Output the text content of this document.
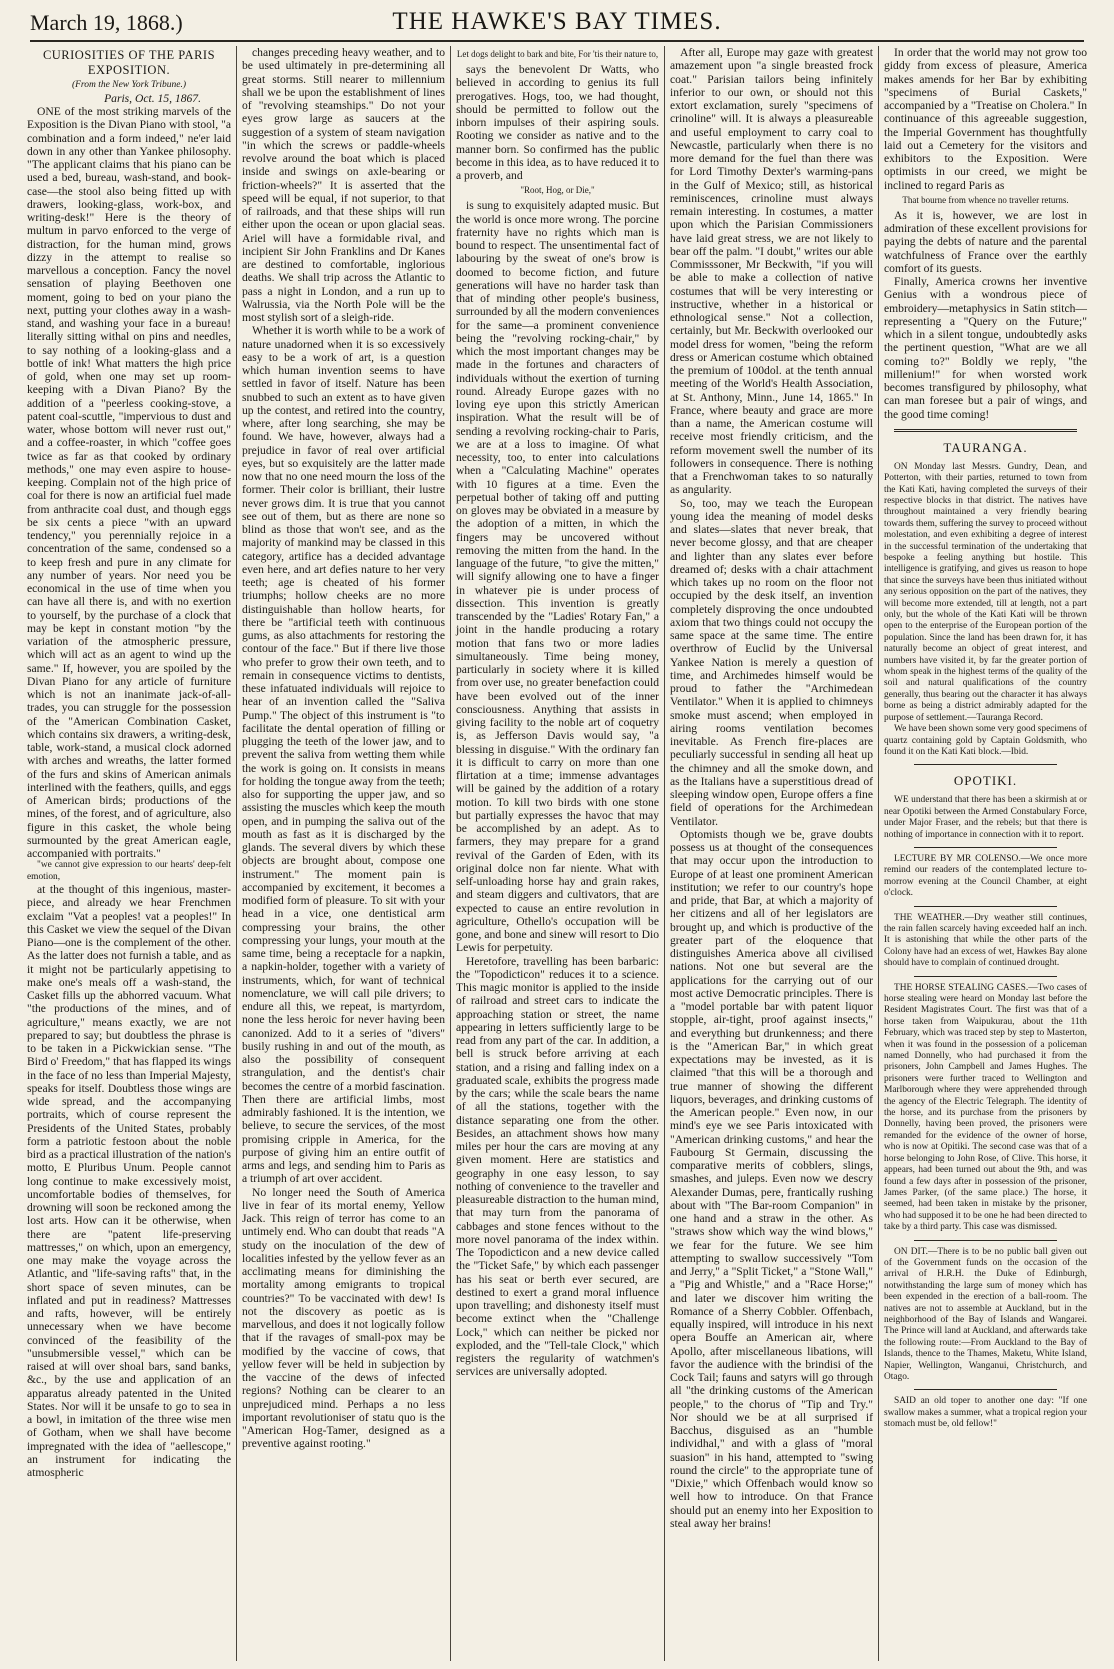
March 19, 1868.)	THE HAWKE'S BAY TIMES.
CURIOSITIES OF THE PARIS EXPOSITION.
(From the New York Tribune.)
Paris, Oct. 15, 1867.

ONE of the most striking marvels of the Exposition is the Divan Piano with stool, "a combination and a form indeed," ne'er laid down in any other than Yankee philosophy. "The applicant claims that his piano can be used a bed, bureau, wash-stand, and book-case—the stool also being fitted up with drawers, looking-glass, work-box, and writing-desk!" Here is the theory of multum in parvo enforced to the verge of distraction, for the human mind, grows dizzy in the attempt to realise so marvellous a conception. Fancy the novel sensation of playing Beethoven one moment, going to bed on your piano the next, putting your clothes away in a wash-stand, and washing your face in a bureau! literally sitting withal on pins and needles, to say nothing of a looking-glass and a bottle of ink! What matters the high price of gold, when one may set up room-keeping with a Divan Piano? By the addition of a "peerless cooking-stove, a patent coal-scuttle, "impervious to dust and water, whose bottom will never rust out," and a coffee-roaster, in which "coffee goes twice as far as that cooked by ordinary methods," one may even aspire to house-keeping. Complain not of the high price of coal for there is now an artificial fuel made from anthracite coal dust, and though eggs be six cents a piece "with an upward tendency," you perennially rejoice in a concentration of the same, condensed so a to keep fresh and pure in any climate for any number of years. Nor need you be economical in the use of time when you can have all there is, and with no exertion to yourself, by the purchase of a clock that may be kept in constant motion "by the variation of the atmospheric pressure, which will act as an agent to wind up the same." If, however, you are spoiled by the Divan Piano for any article of furniture which is not an inanimate jack-of-all-trades, you can struggle for the possession of the "American Combination Casket, which contains six drawers, a writing-desk, table, work-stand, a musical clock adorned with arches and wreaths, the latter formed of the furs and skins of American animals interlined with the feathers, quills, and eggs of American birds; productions of the mines, of the forest, and of agriculture, also figure in this casket, the whole being surmounted by the great American eagle, accompanied with portraits."

"we cannot give expression to our hearts' deep-felt emotion,

at the thought of this ingenious, master-piece, and already we hear Frenchmen exclaim "Vat a peoples! vat a peoples!" In this Casket we view the sequel of the Divan Piano—one is the complement of the other. As the latter does not furnish a table, and as it might not be particularly appetising to make one's meals off a wash-stand, the Casket fills up the abhorred vacuum. What "the productions of the mines, and of agriculture," means exactly, we are not prepared to say; but doubtless the phrase is to be taken in a Pickwickian sense. "The Bird o' Freedom," that has flapped its wings in the face of no less than Imperial Majesty, speaks for itself. Doubtless those wings are wide spread, and the accompanying portraits, which of course represent the Presidents of the United States, probably form a patriotic festoon about the noble bird as a practical illustration of the nation's motto, E Pluribus Unum. People cannot long continue to make excessively moist, uncomfortable bodies of themselves, for drowning will soon be reckoned among the lost arts. How can it be otherwise, when there are "patent life-preserving mattresses," on which, upon an emergency, one may make the voyage across the Atlantic, and "life-saving rafts" that, in the short space of seven minutes, can be inflated and put in readiness? Mattresses and rafts, however, will be entirely unnecessary when we have become convinced of the feasibility of the "unsubmersible vessel," which can be raised at will over shoal bars, sand banks, &c., by the use and application of an apparatus already patented in the United States. Nor will it be unsafe to go to sea in a bowl, in imitation of the three wise men of Gotham, when we shall have become impregnated with the idea of "aellescope," an instrument for indicating the atmospheric

changes preceding heavy weather, and to be used ultimately in pre-determining all great storms. Still nearer to millennium shall we be upon the establishment of lines of "revolving steamships." Do not your eyes grow large as saucers at the suggestion of a system of steam navigation "in which the screws or paddle-wheels revolve around the boat which is placed inside and swings on axle-bearing or friction-wheels?" It is asserted that the speed will be equal, if not superior, to that of railroads, and that these ships will run either upon the ocean or upon glacial seas. Ariel will have a formidable rival, and incipient Sir John Franklins and Dr Kanes are destined to comfortable, inglorious deaths. We shall trip across the Atlantic to pass a night in London, and a run up to Walrussia, via the North Pole will be the most stylish sort of a sleigh-ride.

Whether it is worth while to be a work of nature unadorned when it is so excessively easy to be a work of art, is a question which human invention seems to have settled in favor of itself. Nature has been snubbed to such an extent as to have given up the contest, and retired into the country, where, after long searching, she may be found. We have, however, always had a prejudice in favor of real over artificial eyes, but so exquisitely are the latter made now that no one need mourn the loss of the former. Their color is brilliant, their lustre never grows dim. It is true that you cannot see out of them, but as there are none so blind as those that won't see, and as the majority of mankind may be classed in this category, artifice has a decided advantage even here, and art defies nature to her very teeth; age is cheated of his former triumphs; hollow cheeks are no more distinguishable than hollow hearts, for there be "artificial teeth with continuous gums, as also attachments for restoring the contour of the face." But if there live those who prefer to grow their own teeth, and to remain in consequence victims to dentists, these infatuated individuals will rejoice to hear of an invention called the "Saliva Pump." The object of this instrument is "to facilitate the dental operation of filling or plugging the teeth of the lower jaw, and to prevent the saliva from wetting them while the work is going on. It consists in means for holding the tongue away from the teeth; also for supporting the upper jaw, and so assisting the muscles which keep the mouth open, and in pumping the saliva out of the mouth as fast as it is discharged by the glands. The several divers by which these objects are brought about, compose one instrument." The moment pain is accompanied by excitement, it becomes a modified form of pleasure. To sit with your head in a vice, one dentistical arm compressing your brains, the other compressing your lungs, your mouth at the same time, being a receptacle for a napkin, a napkin-holder, together with a variety of instruments, which, for want of technical nomenclature, we will call pile drivers; to endure all this, we repeat, is martyrdom, none the less heroic for never having been canonized. Add to it a series of "divers" busily rushing in and out of the mouth, as also the possibility of consequent strangulation, and the dentist's chair becomes the centre of a morbid fascination. Then there are artificial limbs, most admirably fashioned. It is the intention, we believe, to secure the services, of the most promising cripple in America, for the purpose of giving him an entire outfit of arms and legs, and sending him to Paris as a triumph of art over accident.

No longer need the South of America live in fear of its mortal enemy, Yellow Jack. This reign of terror has come to an untimely end. Who can doubt that reads "A study on the inoculation of the dew of localities infested by the yellow fever as an acclimating means for diminishing the mortality among emigrants to tropical countries?" To be vaccinated with dew! Is not the discovery as poetic as is marvellous, and does it not logically follow that if the ravages of small-pox may be modified by the vaccine of cows, that yellow fever will be held in subjection by the vaccine of the dews of infected regions? Nothing can be clearer to an unprejudiced mind. Perhaps a no less important revolutioniser of statu quo is the "American Hog-Tamer, designed as a preventive against rooting."

Let dogs delight to bark and bite, For 'tis their nature to,

says the benevolent Dr Watts, who believed in according to genius its full prerogatives. Hogs, too, we had thought, should be permitted to follow out the inborn impulses of their aspiring souls. Rooting we consider as native and to the manner born. So confirmed has the public become in this idea, as to have reduced it to a proverb, and

"Root, Hog, or Die,"

is sung to exquisitely adapted music. But the world is once more wrong. The porcine fraternity have no rights which man is bound to respect. The unsentimental fact of labouring by the sweat of one's brow is doomed to become fiction, and future generations will have no harder task than that of minding other people's business, surrounded by all the modern conveniences for the same—a prominent convenience being the "revolving rocking-chair," by which the most important changes may be made in the fortunes and characters of individuals without the exertion of turning round. Already Europe gazes with no loving eye upon this strictly American inspiration. What the result will be of sending a revolving rocking-chair to Paris, we are at a loss to imagine. Of what necessity, too, to enter into calculations when a "Calculating Machine" operates with 10 figures at a time. Even the perpetual bother of taking off and putting on gloves may be obviated in a measure by the adoption of a mitten, in which the fingers may be uncovered without removing the mitten from the hand. In the language of the future, "to give the mitten," will signify allowing one to have a finger in whatever pie is under process of dissection. This invention is greatly transcended by the "Ladies' Rotary Fan," a joint in the handle producing a rotary motion that fans two or more ladies simultaneously. Time being money, particularly in society where it is killed from over use, no greater benefaction could have been evolved out of the inner consciousness. Anything that assists in giving facility to the noble art of coquetry is, as Jefferson Davis would say, "a blessing in disguise." With the ordinary fan it is difficult to carry on more than one flirtation at a time; immense advantages will be gained by the addition of a rotary motion. To kill two birds with one stone but partially expresses the havoc that may be accomplished by an adept. As to farmers, they may prepare for a grand revival of the Garden of Eden, with its original dolce non far niente. What with self-unloading horse hay and grain rakes, and steam diggers and cultivators, that are expected to cause an entire revolution in agriculture, Othello's occupation will be gone, and bone and sinew will resort to Dio Lewis for perpetuity.

Heretofore, travelling has been barbaric: the "Topodicticon" reduces it to a science. This magic monitor is applied to the inside of railroad and street cars to indicate the approaching station or street, the name appearing in letters sufficiently large to be read from any part of the car. In addition, a bell is struck before arriving at each station, and a rising and falling index on a graduated scale, exhibits the progress made by the cars; while the scale bears the name of all the stations, together with the distance separating one from the other. Besides, an attachment shows how many miles per hour the cars are moving at any given moment. Here are statistics and geography in one easy lesson, to say nothing of convenience to the traveller and pleasureable distraction to the human mind, that may turn from the panorama of cabbages and stone fences without to the more novel panorama of the index within. The Topodicticon and a new device called the "Ticket Safe," by which each passenger has his seat or berth ever secured, are destined to exert a grand moral influence upon travelling; and dishonesty itself must become extinct when the "Challenge Lock," which can neither be picked nor exploded, and the "Tell-tale Clock," which registers the regularity of watchmen's services are universally adopted.

After all, Europe may gaze with greatest amazement upon "a single breasted frock coat." Parisian tailors being infinitely inferior to our own, or should not this extort exclamation, surely "specimens of crinoline" will. It is always a pleasureable and useful employment to carry coal to Newcastle, particularly when there is no more demand for the fuel than there was for Lord Timothy Dexter's warming-pans in the Gulf of Mexico; still, as historical reminiscences, crinoline must always remain interesting. In costumes, a matter upon which the Parisian Commissioners have laid great stress, we are not likely to bear off the palm. "I doubt," writes our able Commisssoner, Mr Beckwith, "if you will be able to make a collection of native costumes that will be very interesting or instructive, whether in a historical or ethnological sense." Not a collection, certainly, but Mr. Beckwith overlooked our model dress for women, "being the reform dress or American costume which obtained the premium of 100dol. at the tenth annual meeting of the World's Health Association, at St. Anthony, Minn., June 14, 1865." In France, where beauty and grace are more than a name, the American costume will receive most friendly criticism, and the reform movement swell the number of its followers in consequence. There is nothing that a Frenchwoman takes to so naturally as angularity.

So, too, may we teach the European young idea the meaning of model desks and slates—slates that never break, that never become glossy, and that are cheaper and lighter than any slates ever before dreamed of; desks with a chair attachment which takes up no room on the floor not occupied by the desk itself, an invention completely disproving the once undoubted axiom that two things could not occupy the same space at the same time. The entire overthrow of Euclid by the Universal Yankee Nation is merely a question of time, and Archimedes himself would be proud to father the "Archimedean Ventilator." When it is applied to chimneys smoke must ascend; when employed in airing rooms ventilation becomes inevitable. As French fire-places are peculiarly successful in sending all heat up the chimney and all the smoke down, and as the Italians have a superstitious dread of sleeping window open, Europe offers a fine field of operations for the Archimedean Ventilator.

Optomists though we be, grave doubts possess us at thought of the consequences that may occur upon the introduction to Europe of at least one prominent American institution; we refer to our country's hope and pride, that Bar, at which a majority of her citizens and all of her legislators are brought up, and which is productive of the greater part of the eloquence that distinguishes America above all civilised nations. Not one but several are the applications for the carrying out of our most active Democratic principles. There is a "model portable bar with patent liquor stopple, air-tight, proof against insects," and everything but drunkenness; and there is the "American Bar," in which great expectations may be invested, as it is claimed "that this will be a thorough and true manner of showing the different liquors, beverages, and drinking customs of the American people." Even now, in our mind's eye we see Paris intoxicated with "American drinking customs," and hear the Faubourg St Germain, discussing the comparative merits of cobblers, slings, smashes, and juleps. Even now we descry Alexander Dumas, pere, frantically rushing about with "The Bar-room Companion" in one hand and a straw in the other. As "straws show which way the wind blows," we fear for the future. We see him attempting to swallow successively "Tom and Jerry," a "Split Ticket," a "Stone Wall," a "Pig and Whistle," and a "Race Horse;" and later we discover him writing the Romance of a Sherry Cobbler. Offenbach, equally inspired, will introduce in his next opera Bouffe an American air, where Apollo, after miscellaneous libations, will favor the audience with the brindisi of the Cock Tail; fauns and satyrs will go through all "the drinking customs of the American people," to the chorus of "Tip and Try." Nor should we be at all surprised if Bacchus, disguised as an "humble individhal," and with a glass of "moral suasion" in his hand, attempted to "swing round the circle" to the appropriate tune of "Dixie," which Offenbach would know so well how to introduce. On that France should put an enemy into her Exposition to steal away her brains!

In order that the world may not grow too giddy from excess of pleasure, America makes amends for her Bar by exhibiting "specimens of Burial Caskets," accompanied by a "Treatise on Cholera." In continuance of this agreeable suggestion, the Imperial Government has thoughtfully laid out a Cemetery for the visitors and exhibitors to the Exposition. Were optimists in our creed, we might be inclined to regard Paris as

That bourne from whence no traveller returns.

As it is, however, we are lost in admiration of these excellent provisions for paying the debts of nature and the parental watchfulness of France over the earthly comfort of its guests.

Finally, America crowns her inventive Genius with a wondrous piece of embroidery—metaphysics in Satin stitch—representing a "Query on the Future;" which in a silent tongue, undoubtedly asks the pertinent question, "What are we all coming to?" Boldly we reply, "the millenium!" for when worsted work becomes transfigured by philosophy, what can man foresee but a pair of wings, and the good time coming!

TAURANGA.

ON Monday last Messrs. Gundry, Dean, and Potterton, with their parties, returned to town from the Kati Kati, having completed the surveys of their respective blocks in that district. The natives have throughout maintained a very friendly bearing towards them, suffering the survey to proceed without molestation, and even exhibiting a degree of interest in the successful termination of the undertaking that bespoke a feeling anything but hostile. This intelligence is gratifying, and gives us reason to hope that since the surveys have been thus initiated without any serious opposition on the part of the natives, they will become more extended, till at length, not a part only, but the whole of the Kati Kati will be thrown open to the enterprise of the European portion of the population. Since the land has been drawn for, it has naturally become an object of great interest, and numbers have visited it, by far the greater portion of whom speak in the highest terms of the quality of the soil and natural qualifications of the country generally, thus bearing out the character it has always borne as being a district admirably adapted for the purpose of settlement.—Tauranga Record.

We have been shown some very good specimens of quartz containing gold by Captain Goldsmith, who found it on the Kati Kati block.—Ibid.

OPOTIKI.

WE understand that there has been a skirmish at or near Opotiki between the Armed Constabulary Force, under Major Fraser, and the rebels; but that there is nothing of importance in connection with it to report.

LECTURE BY MR COLENSO.—We once more remind our readers of the contemplated lecture to-morrow evening at the Council Chamber, at eight o'clock.

THE WEATHER.—Dry weather still continues, the rain fallen scarcely having exceeded half an inch. It is astonishing that while the other parts of the Colony have had an excess of wet, Hawkes Bay alone should have to complain of continued drought.

THE HORSE STEALING CASES.—Two cases of horse stealing were heard on Monday last before the Resident Magistrates Court. The first was that of a horse taken from Waipukurau, about the 11th February, which was traced step by step to Masterton, when it was found in the possession of a policeman named Donnelly, who had purchased it from the prisoners, John Campbell and James Hughes. The prisoners were further traced to Wellington and Marlborough where they were apprehended through the agency of the Electric Telegraph. The identity of the horse, and its purchase from the prisoners by Donnelly, having been proved, the prisoners were remanded for the evidence of the owner of horse, who is now at Opitiki. The second case was that of a horse belonging to John Rose, of Clive. This horse, it appears, had been turned out about the 9th, and was found a few days after in possession of the prisoner, James Parker, (of the same place.) The horse, it seemed, had been taken in mistake by the prisoner, who had supposed it to be one he had been directed to take by a third party. This case was dismissed.

ON DIT.—There is to be no public ball given out of the Government funds on the occasion of the arrival of H.R.H. the Duke of Edinburgh, notwithstanding the large sum of money which has been expended in the erection of a ball-room. The natives are not to assemble at Auckland, but in the neighborhood of the Bay of Islands and Wangarei. The Prince will land at Auckland, and afterwards take the following route:—From Auckland to the Bay of Islands, thence to the Thames, Maketu, White Island, Napier, Wellington, Wanganui, Christchurch, and Otago.

SAID an old toper to another one day: "If one swallow makes a summer, what a tropical region your stomach must be, old fellow!"
